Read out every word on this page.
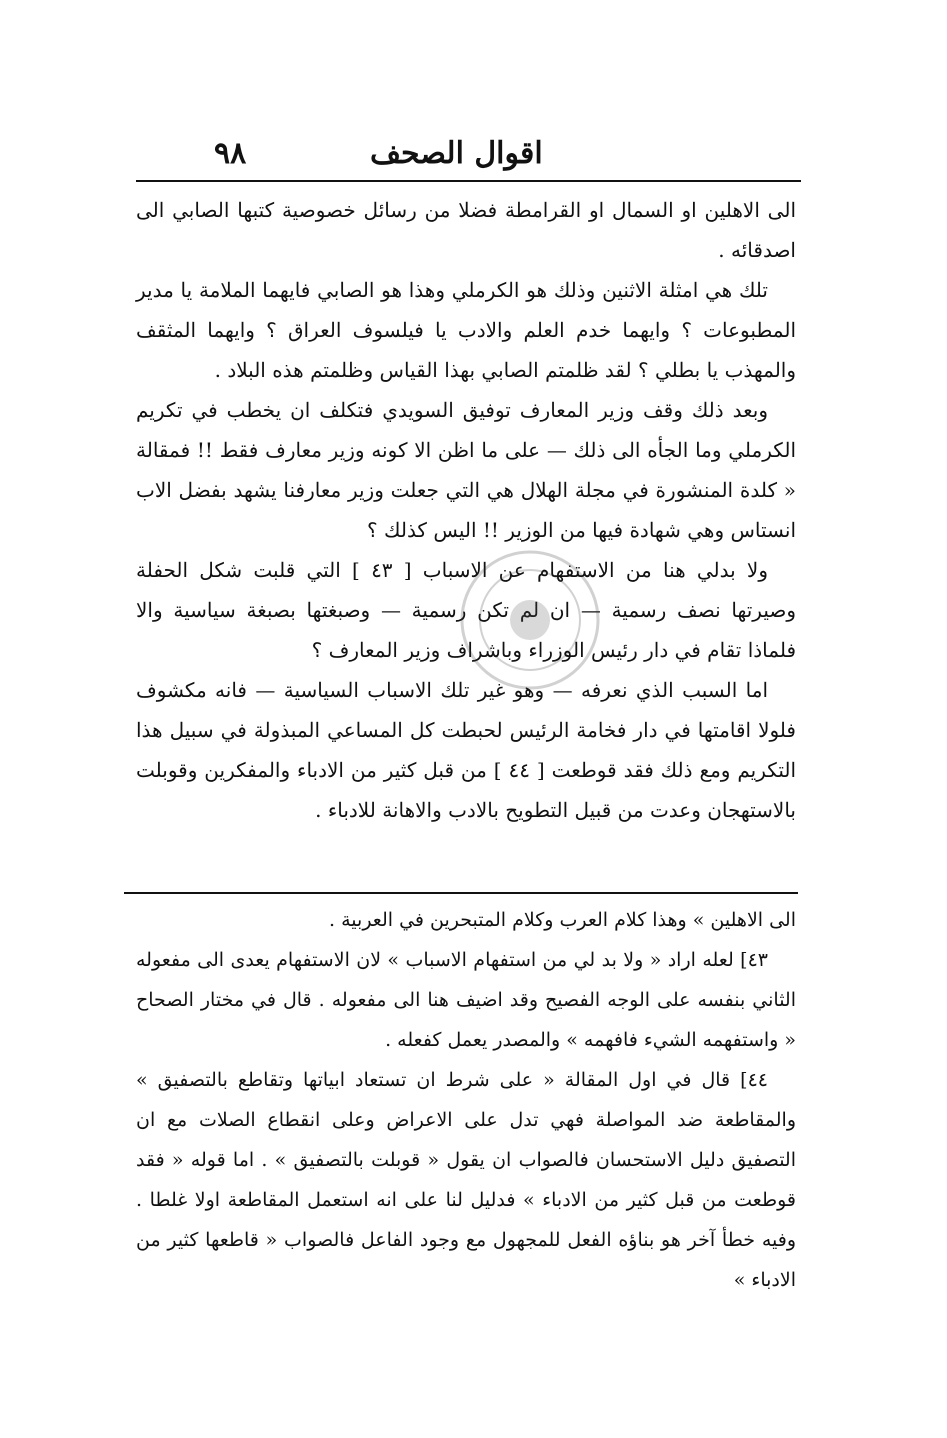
٩٨	اقوال الصحف

الى الاهلين او السمال او القرامطة فضلا من رسائل خصوصية كتبها الصابي الى اصدقائه .

تلك هي امثلة الاثنين وذلك هو الكرملي وهذا هو الصابي فايهما الملامة يا مدير المطبوعات ؟ وايهما خدم العلم والادب يا فيلسوف العراق ؟ وايهما المثقف والمهذب يا بطلي ؟ لقد ظلمتم الصابي بهذا القياس وظلمتم هذه البلاد .

وبعد ذلك وقف وزير المعارف توفيق السويدي فتكلف ان يخطب في تكريم الكرملي وما الجأه الى ذلك — على ما اظن الا كونه وزير معارف فقط !! فمقالة « كلدة المنشورة في مجلة الهلال هي التي جعلت وزير معارفنا يشهد بفضل الاب انستاس وهي شهادة فيها من الوزير !! اليس كذلك ؟

ولا بدلي هنا من الاستفهام عن الاسباب [ ٤٣ ] التي قلبت شكل الحفلة وصيرتها نصف رسمية — ان لم تكن رسمية — وصبغتها بصبغة سياسية والا فلماذا تقام في دار رئيس الوزراء وباشراف وزير المعارف ؟

اما السبب الذي نعرفه — وهو غير تلك الاسباب السياسية — فانه مكشوف فلولا اقامتها في دار فخامة الرئيس لحبطت كل المساعي المبذولة في سبيل هذا التكريم ومع ذلك فقد قوطعت [ ٤٤ ] من قبل كثير من الادباء والمفكرين وقوبلت بالاستهجان وعدت من قبيل التطويح بالادب والاهانة للادباء .

الى الاهلين » وهذا كلام العرب وكلام المتبحرين في العربية .

٤٣] لعله اراد « ولا بد لي من استفهام الاسباب » لان الاستفهام يعدى الى مفعوله الثاني بنفسه على الوجه الفصيح وقد اضيف هنا الى مفعوله . قال في مختار الصحاح « واستفهمه الشيء فافهمه » والمصدر يعمل كفعله .

٤٤] قال في اول المقالة « على شرط ان تستعاد ابياتها وتقاطع بالتصفيق » والمقاطعة ضد المواصلة فهي تدل على الاعراض وعلى انقطاع الصلات مع ان التصفيق دليل الاستحسان فالصواب ان يقول « قوبلت بالتصفيق » . اما قوله « فقد قوطعت من قبل كثير من الادباء » فدليل لنا على انه استعمل المقاطعة اولا غلطا . وفيه خطأ آخر هو بناؤه الفعل للمجهول مع وجود الفاعل فالصواب « قاطعها كثير من الادباء »
